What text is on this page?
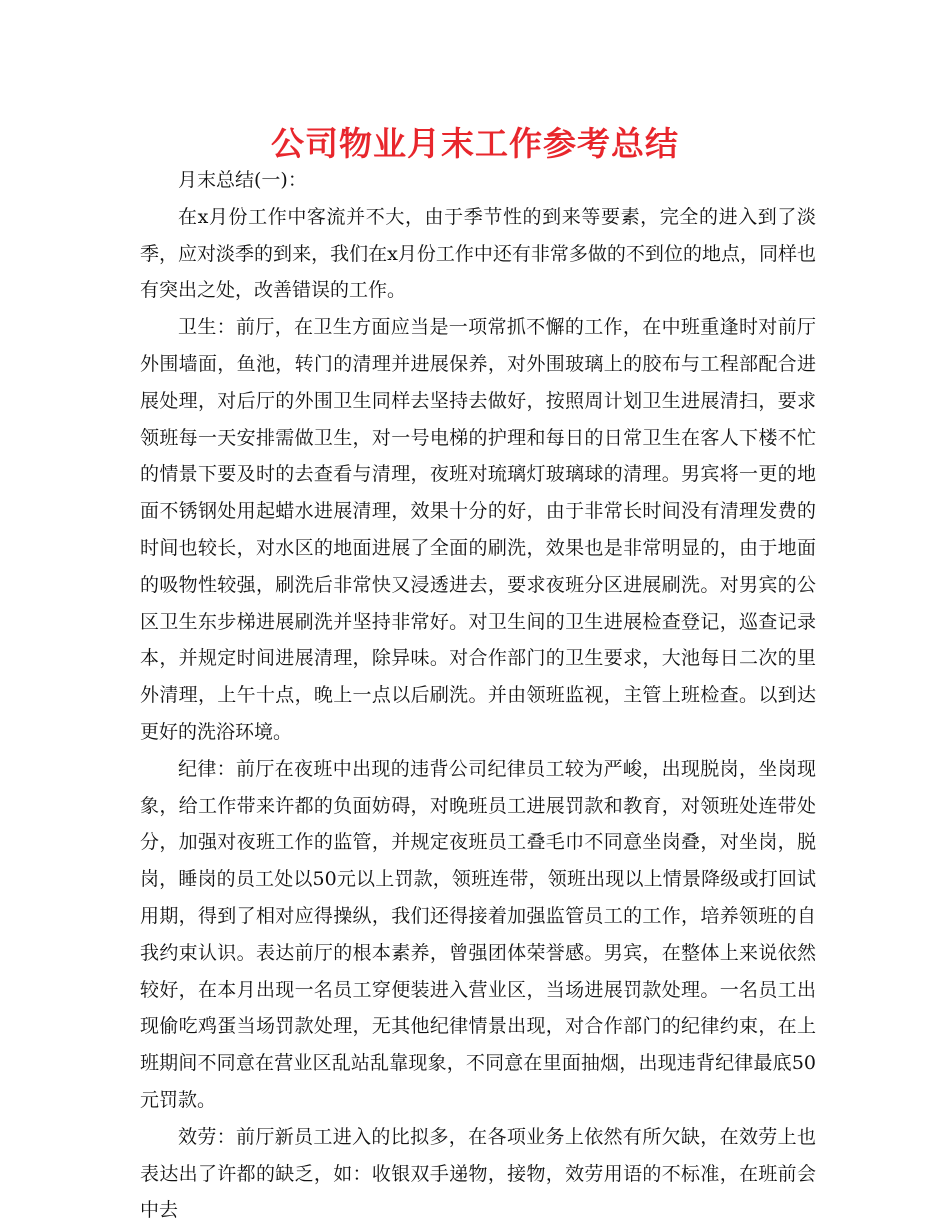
公司物业月末工作参考总结

月末总结(一)：

在x月份工作中客流并不大，由于季节性的到来等要素，完全的进入到了淡季，应对淡季的到来，我们在x月份工作中还有非常多做的不到位的地点，同样也有突出之处，改善错误的工作。

卫生：前厅，在卫生方面应当是一项常抓不懈的工作，在中班重逢时对前厅外围墙面，鱼池，转门的清理并进展保养，对外围玻璃上的胶布与工程部配合进展处理，对后厅的外围卫生同样去坚持去做好，按照周计划卫生进展清扫，要求领班每一天安排需做卫生，对一号电梯的护理和每日的日常卫生在客人下楼不忙的情景下要及时的去查看与清理，夜班对琉璃灯玻璃球的清理。男宾将一更的地面不锈钢处用起蜡水进展清理，效果十分的好，由于非常长时间没有清理发费的时间也较长，对水区的地面进展了全面的刷洗，效果也是非常明显的，由于地面的吸物性较强，刷洗后非常快又浸透进去，要求夜班分区进展刷洗。对男宾的公区卫生东步梯进展刷洗并坚持非常好。对卫生间的卫生进展检查登记，巡查记录本，并规定时间进展清理，除异味。对合作部门的卫生要求，大池每日二次的里外清理，上午十点，晚上一点以后刷洗。并由领班监视，主管上班检查。以到达更好的洗浴环境。

纪律：前厅在夜班中出现的违背公司纪律员工较为严峻，出现脱岗，坐岗现象，给工作带来许都的负面妨碍，对晚班员工进展罚款和教育，对领班处连带处分，加强对夜班工作的监管，并规定夜班员工叠毛巾不同意坐岗叠，对坐岗，脱岗，睡岗的员工处以50元以上罚款，领班连带，领班出现以上情景降级或打回试用期，得到了相对应得操纵，我们还得接着加强监管员工的工作，培养领班的自我约束认识。表达前厅的根本素养，曾强团体荣誉感。男宾，在整体上来说依然较好，在本月出现一名员工穿便装进入营业区，当场进展罚款处理。一名员工出现偷吃鸡蛋当场罚款处理，无其他纪律情景出现，对合作部门的纪律约束，在上班期间不同意在营业区乱站乱靠现象，不同意在里面抽烟，出现违背纪律最底50元罚款。

效劳：前厅新员工进入的比拟多，在各项业务上依然有所欠缺，在效劳上也表达出了许都的缺乏，如：收银双手递物，接物，效劳用语的不标准，在班前会中去
